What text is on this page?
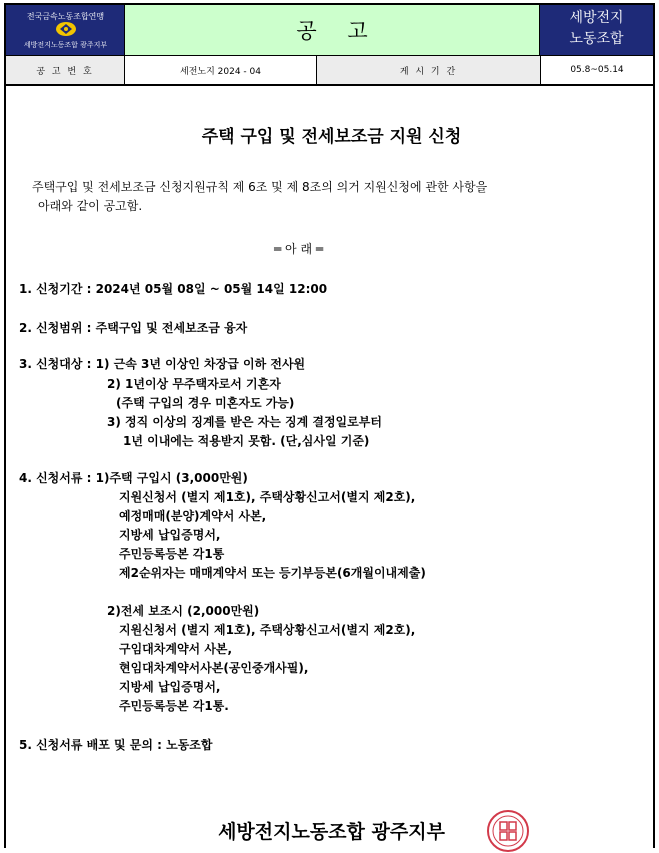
전국금속노동조합연맹
세방전지노동조합 광주지부
공 고
세방전지
노동조합
공 고 번 호	세전노지 2024 - 04	게 시 기 간	05.8~05.14
주택 구입 및 전세보조금 지원 신청
주택구입 및 전세보조금 신청지원규칙 제 6조 및 제 8조의 의거 지원신청에 관한 사항을
아래와 같이 공고함.
═ 아 래 ═
1. 신청기간 : 2024년 05월 08일 ~ 05월 14일 12:00
2. 신청범위 : 주택구입 및 전세보조금 융자
3. 신청대상 : 1) 근속 3년 이상인 차장급 이하 전사원
2) 1년이상 무주택자로서 기혼자
(주택 구입의 경우 미혼자도 가능)
3) 정직 이상의 징계를 받은 자는 징계 결정일로부터
1년 이내에는 적용받지 못함. (단,심사일 기준)
4. 신청서류 : 1)주택 구입시 (3,000만원)
지원신청서 (별지 제1호), 주택상황신고서(별지 제2호),
예정매매(분양)계약서 사본,
지방세 납입증명서,
주민등록등본 각1통
제2순위자는 매매계약서 또는 등기부등본(6개월이내제출)
2)전세 보조시 (2,000만원)
지원신청서 (별지 제1호), 주택상황신고서(별지 제2호),
구임대차계약서 사본,
현임대차계약서사본(공인중개사필),
지방세 납입증명서,
주민등록등본 각1통.
5. 신청서류 배포 및 문의 : 노동조합
세방전지노동조합 광주지부
